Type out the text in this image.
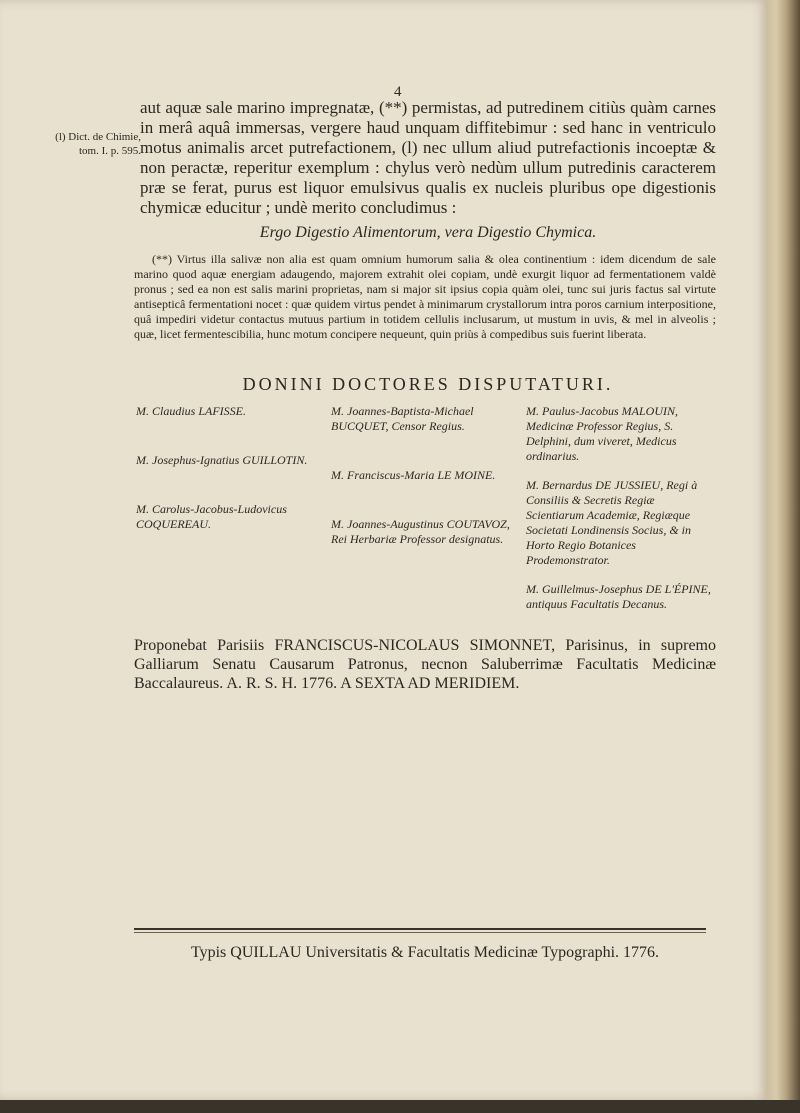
4
(l) Dict. de Chimie, tom. I. p. 595.

aut aquæ sale marino impregnatæ, (**) permistas, ad putredinem citiùs quàm carnes in merâ aquâ immersas, vergere haud unquam diffitebimur : sed hanc in ventriculo motus animalis arcet putrefactionem, (l) nec ullum aliud putrefactionis incoeptæ & non peractæ, reperitur exemplum : chylus verò nedùm ullum putredinis caracterem præ se ferat, purus est liquor emulsivus qualis ex nucleis pluribus ope digestionis chymicæ educitur ; undè merito concludimus :

Ergo Digestio Alimentorum, vera Digestio Chymica.

(**) Virtus illa salivæ non alia est quam omnium humorum salia & olea continentium : idem dicendum de sale marino quod aquæ energiam adaugendo, majorem extrahit olei copiam, undè exurgit liquor ad fermentationem valdè pronus ; sed ea non est salis marini proprietas, nam si major sit ipsius copia quàm olei, tunc sui juris factus sal virtute antisepticâ fermentationi nocet : quæ quidem virtus pendet à minimarum crystallorum intra poros carnium interpositione, quâ impediri videtur contactus mutuus partium in totidem cellulis inclusarum, ut mustum in uvis, & mel in alveolis ; quæ, licet fermentescibilia, hunc motum concipere nequeunt, quin priùs à compedibus suis fuerint liberata.

DONINI DOCTORES DISPUTATURI.
M. Claudius LAFISSE.
M. Josephus-Ignatius GUILLOTIN.
M. Carolus-Jacobus-Ludovicus COQUEREAU.
M. Joannes-Baptista-Michael BUCQUET, Censor Regius.
M. Franciscus-Maria LE MOINE.
M. Joannes-Augustinus COUTAVOZ, Rei Herbariæ Professor designatus.
M. Paulus-Jacobus MALOUIN, Medicinæ Professor Regius, S. Delphini, dum viveret, Medicus ordinarius.
M. Bernardus DE JUSSIEU, Regi à Consiliis & Secretis Regiæ Scientiarum Academiæ, Regiæque Societati Londinensis Socius, & in Horto Regio Botanices Prodemonstrator.
M. Guillelmus-Josephus DE L'ÉPINE, antiquus Facultatis Decanus.
Proponebat Parisiis FRANCISCUS-NICOLAUS SIMONNET, Parisinus, in supremo Galliarum Senatu Causarum Patronus, necnon Saluberrimæ Facultatis Medicinæ Baccalaureus. A. R. S. H. 1776. A SEXTA AD MERIDIEM.
Typis QUILLAU Universitatis & Facultatis Medicinæ Typographi. 1776.
